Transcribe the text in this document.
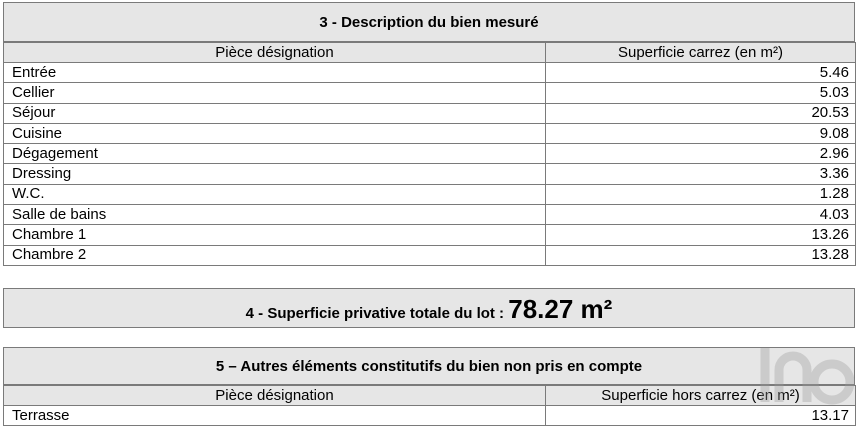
3 - Description du bien mesuré
Pièce désignation	Superficie carrez (en m²)
Entrée	5.46
Cellier	5.03
Séjour	20.53
Cuisine	9.08
Dégagement	2.96
Dressing	3.36
W.C.	1.28
Salle de bains	4.03
Chambre 1	13.26
Chambre 2	13.28
4 - Superficie privative totale du lot : 78.27 m²
5 – Autres éléments constitutifs du bien non pris en compte
Pièce désignation	Superficie hors carrez (en m²)
Terrasse	13.17
